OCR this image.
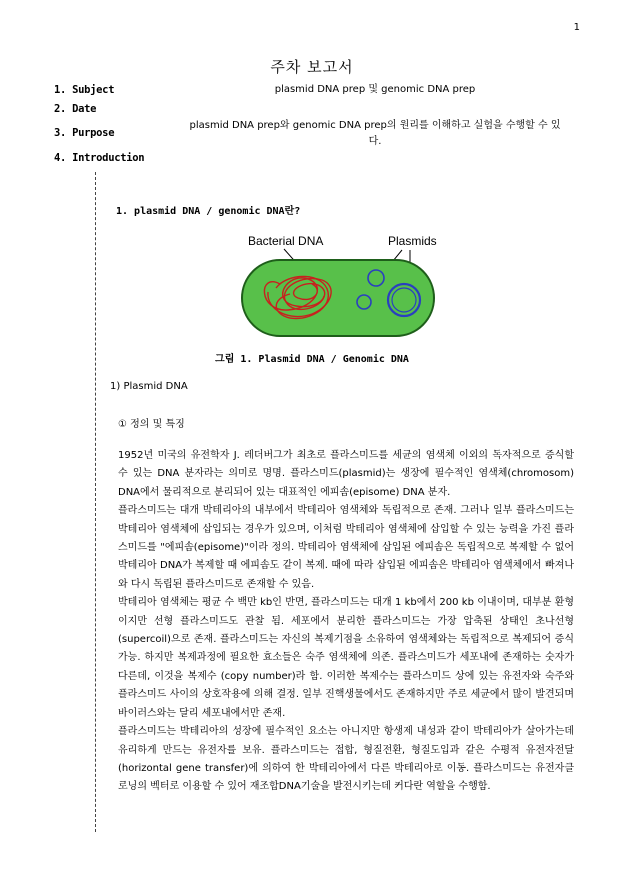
1
주차 보고서
1. Subject	plasmid DNA prep 및 genomic DNA prep
2. Date
3. Purpose
plasmid DNA prep와 genomic DNA prep의 원리를 이해하고 실험을 수행할 수 있다.
4. Introduction
1. plasmid DNA / genomic DNA란?
Bacterial DNA	Plasmids
그림 1. Plasmid DNA / Genomic DNA
1) Plasmid DNA
① 정의 및 특징

1952년 미국의 유전학자 J. 레더버그가 최초로 플라스미드를 세균의 염색체 이외의 독자적으로 증식할 수 있는 DNA 분자라는 의미로 명명. 플라스미드(plasmid)는 생장에 필수적인 염색체(chromosom) DNA에서 물리적으로 분리되어 있는 대표적인 에피솜(episome) DNA 분자.

플라스미드는 대개 박테리아의 내부에서 박테리아 염색체와 독립적으로 존재. 그러나 일부 플라스미드는 박테리아 염색체에 삽입되는 경우가 있으며, 이처럼 박테리아 염색체에 삽입할 수 있는 능력을 가진 플라스미드를 "에피솜(episome)"이라 정의. 박테리아 염색체에 삽입된 에피솜은 독립적으로 복제할 수 없어 박테리아 DNA가 복제할 때 에피솜도 같이 복제. 때에 따라 삽입된 에피솜은 박테리아 염색체에서 빠져나와 다시 독립된 플라스미드로 존재할 수 있음.

박테리아 염색체는 평균 수 백만 kb인 반면, 플라스미드는 대개 1 kb에서 200 kb 이내이며, 대부분 환형이지만 선형 플라스미드도 관찰 됨. 세포에서 분리한 플라스미드는 가장 압축된 상태인 초나선형(supercoil)으로 존재. 플라스미드는 자신의 복제기점을 소유하여 염색체와는 독립적으로 복제되어 증식 가능. 하지만 복제과정에 필요한 효소들은 숙주 염색체에 의존. 플라스미드가 세포내에 존재하는 숫자가 다른데, 이것을 복제수 (copy number)라 함. 이러한 복제수는 플라스미드 상에 있는 유전자와 숙주와 플라스미드 사이의 상호작용에 의해 결정. 일부 진핵생물에서도 존재하지만 주로 세균에서 많이 발견되며 바이러스와는 달리 세포내에서만 존재.

플라스미드는 박테리아의 성장에 필수적인 요소는 아니지만 항생제 내성과 같이 박테리아가 살아가는데 유리하게 만드는 유전자를 보유. 플라스미드는 접합, 형질전환, 형질도입과 같은 수평적 유전자전달(horizontal gene transfer)에 의하여 한 박테리아에서 다른 박테리아로 이동. 플라스미드는 유전자클로닝의 벡터로 이용할 수 있어 재조합DNA기술을 발전시키는데 커다란 역할을 수행함.
